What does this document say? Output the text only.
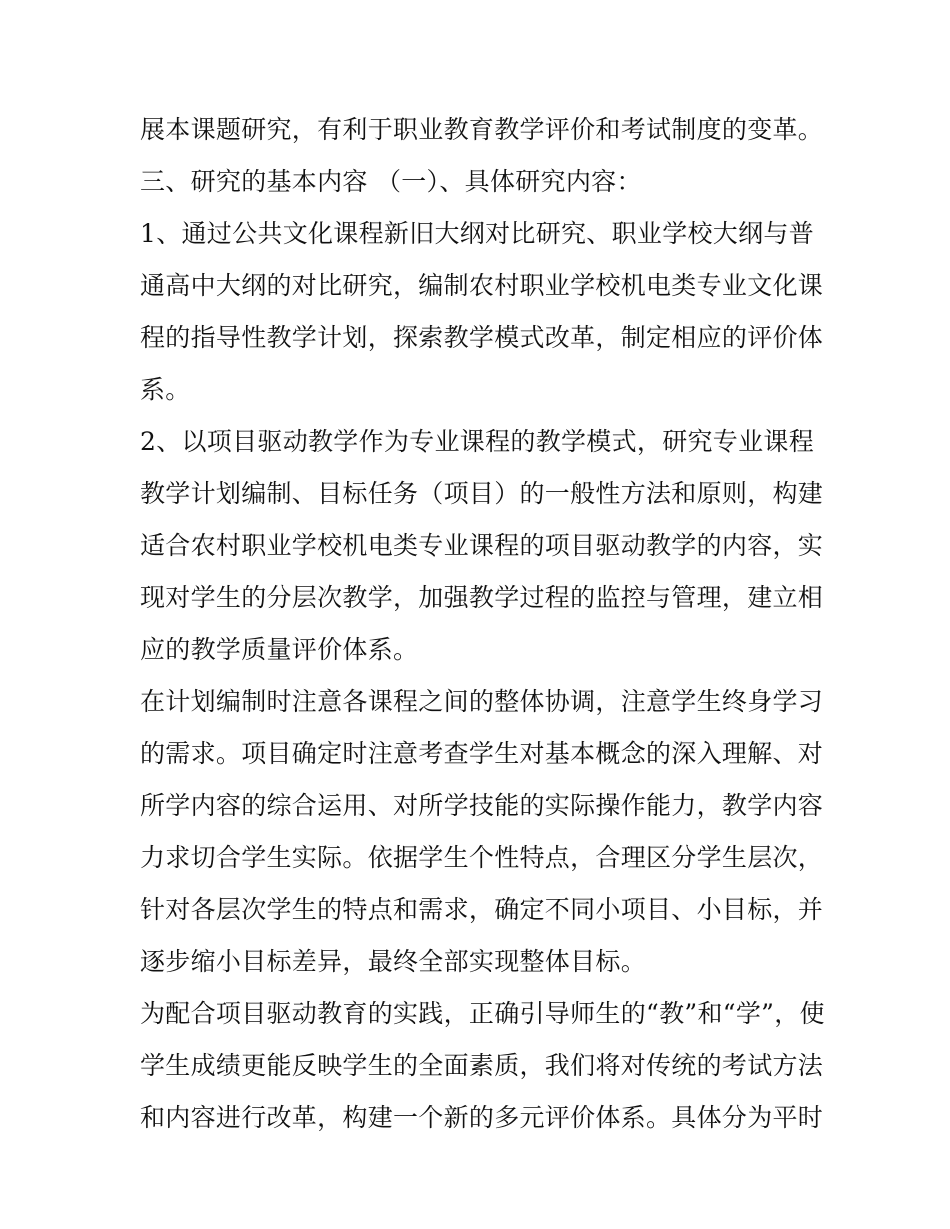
展本课题研究，有利于职业教育教学评价和考试制度的变革。
三、研究的基本内容 （一）、具体研究内容：
1、通过公共文化课程新旧大纲对比研究、职业学校大纲与普
通高中大纲的对比研究，编制农村职业学校机电类专业文化课
程的指导性教学计划，探索教学模式改革，制定相应的评价体
系。
2、以项目驱动教学作为专业课程的教学模式，研究专业课程
教学计划编制、目标任务（项目）的一般性方法和原则，构建
适合农村职业学校机电类专业课程的项目驱动教学的内容，实
现对学生的分层次教学，加强教学过程的监控与管理，建立相
应的教学质量评价体系。
在计划编制时注意各课程之间的整体协调，注意学生终身学习
的需求。项目确定时注意考查学生对基本概念的深入理解、对
所学内容的综合运用、对所学技能的实际操作能力，教学内容
力求切合学生实际。依据学生个性特点，合理区分学生层次，
针对各层次学生的特点和需求，确定不同小项目、小目标，并
逐步缩小目标差异，最终全部实现整体目标。
为配合项目驱动教育的实践，正确引导师生的“教”和“学”，使
学生成绩更能反映学生的全面素质，我们将对传统的考试方法
和内容进行改革，构建一个新的多元评价体系。具体分为平时
